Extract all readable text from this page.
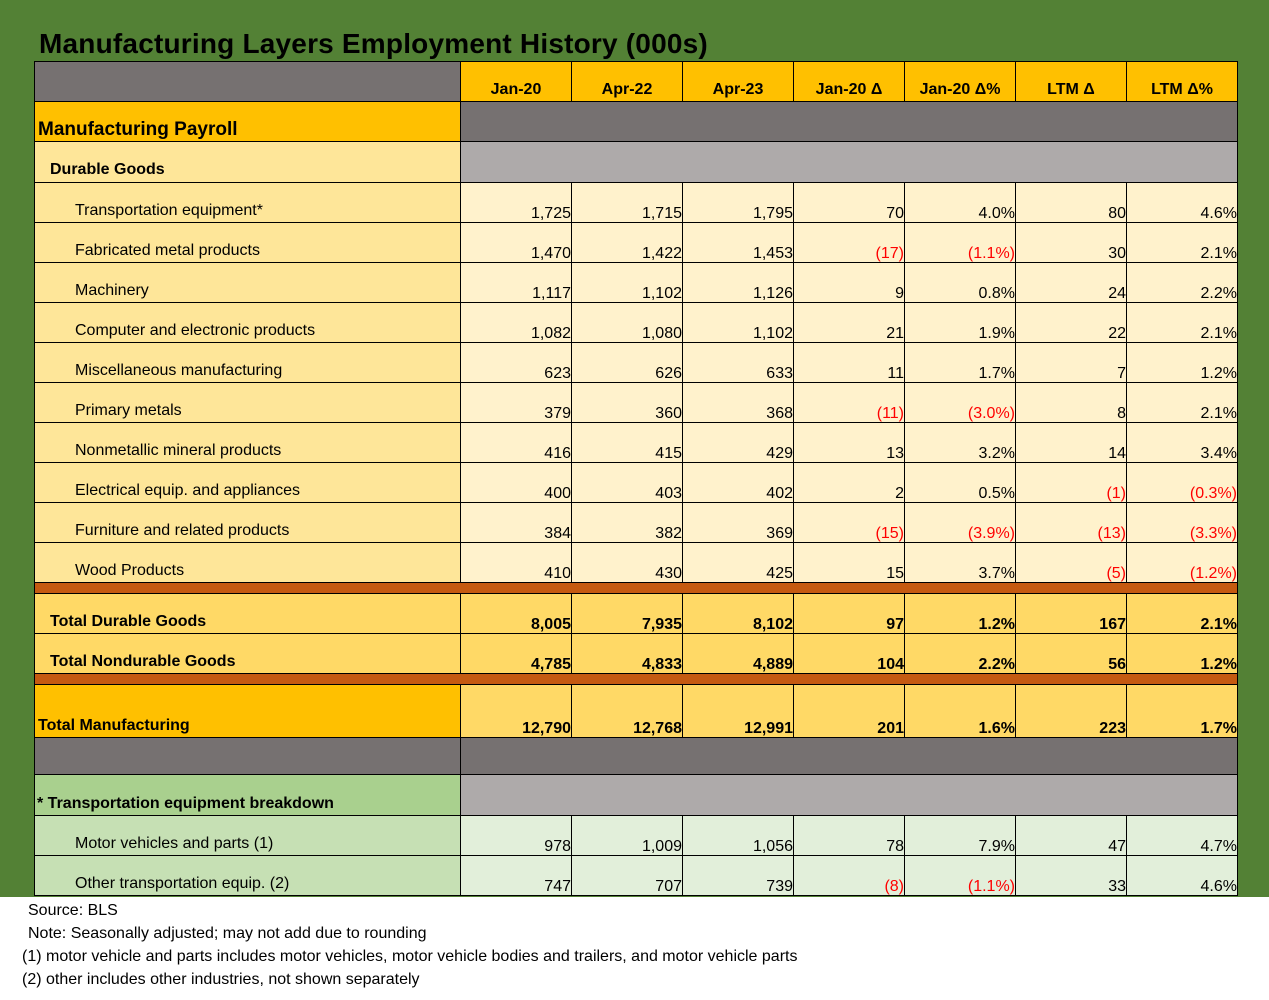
Manufacturing Layers Employment History (000s)
	Jan-20	Apr-22	Apr-23	Jan-20 Δ	Jan-20 Δ%	LTM Δ	LTM Δ%
Manufacturing Payroll							
Durable Goods							
Transportation equipment*	1,725	1,715	1,795	70	4.0%	80	4.6%
Fabricated metal products	1,470	1,422	1,453	(17)	(1.1%)	30	2.1%
Machinery	1,117	1,102	1,126	9	0.8%	24	2.2%
Computer and electronic products	1,082	1,080	1,102	21	1.9%	22	2.1%
Miscellaneous manufacturing	623	626	633	11	1.7%	7	1.2%
Primary metals	379	360	368	(11)	(3.0%)	8	2.1%
Nonmetallic mineral products	416	415	429	13	3.2%	14	3.4%
Electrical equip. and appliances	400	403	402	2	0.5%	(1)	(0.3%)
Furniture and related products	384	382	369	(15)	(3.9%)	(13)	(3.3%)
Wood Products	410	430	425	15	3.7%	(5)	(1.2%)

Total Durable Goods	8,005	7,935	8,102	97	1.2%	167	2.1%
Total Nondurable Goods	4,785	4,833	4,889	104	2.2%	56	1.2%

Total Manufacturing	12,790	12,768	12,991	201	1.6%	223	1.7%

* Transportation equipment breakdown							
Motor vehicles and parts (1)	978	1,009	1,056	78	7.9%	47	4.7%
Other transportation equip. (2)	747	707	739	(8)	(1.1%)	33	4.6%
Source: BLS
Note: Seasonally adjusted; may not add due to rounding
(1) motor vehicle and parts includes motor vehicles, motor vehicle bodies and trailers, and motor vehicle parts
(2) other includes other industries, not shown separately
